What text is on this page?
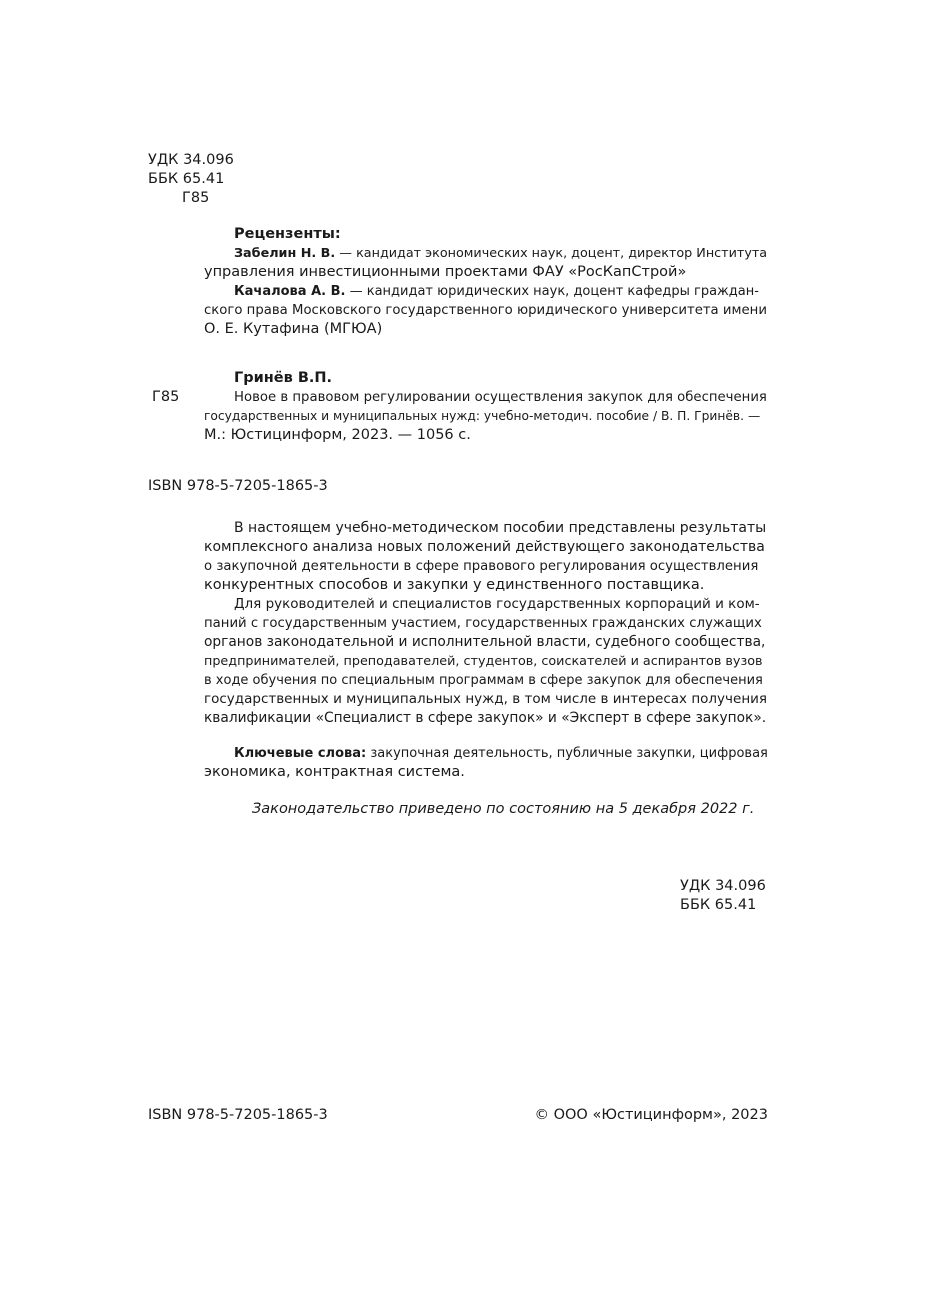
УДК 34.096
ББК 65.41
Г85
Рецензенты:
Забелин Н. В. — кандидат экономических наук, доцент, директор Института
управления инвестиционными проектами ФАУ «РосКапСтрой»
Качалова А. В. — кандидат юридических наук, доцент кафедры граждан-
ского права Московского государственного юридического университета имени
О. Е. Кутафина (МГЮА)
Г85
Гринёв В.П.
Новое в правовом регулировании осуществления закупок для обеспечения
государственных и муниципальных нужд: учебно-методич. пособие / В. П. Гринёв. —
М.: Юстицинформ, 2023. — 1056 с.
ISBN 978-5-7205-1865-3
В настоящем учебно-методическом пособии представлены результаты
комплексного анализа новых положений действующего законодательства
о закупочной деятельности в сфере правового регулирования осуществления
конкурентных способов и закупки у единственного поставщика.
Для руководителей и специалистов государственных корпораций и ком-
паний с государственным участием, государственных гражданских служащих
органов законодательной и исполнительной власти, судебного сообщества,
предпринимателей, преподавателей, студентов, соискателей и аспирантов вузов
в ходе обучения по специальным программам в сфере закупок для обеспечения
государственных и муниципальных нужд, в том числе в интересах получения
квалификации «Специалист в сфере закупок» и «Эксперт в сфере закупок».
Ключевые слова: закупочная деятельность, публичные закупки, цифровая
экономика, контрактная система.
Законодательство приведено по состоянию на 5 декабря 2022 г.
УДК 34.096
ББК 65.41
ISBN 978-5-7205-1865-3	© ООО «Юстицинформ», 2023
